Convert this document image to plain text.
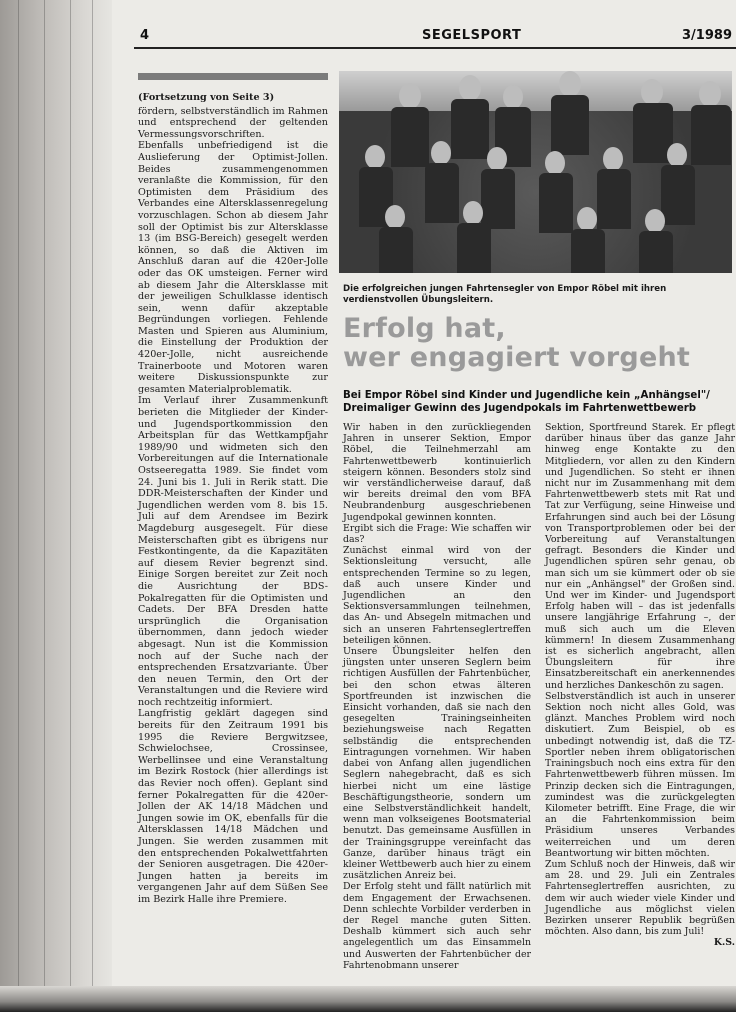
4	SEGELSPORT	3/1989

(Fortsetzung von Seite 3)

fördern, selbstverständlich im Rahmen und entsprechend der geltenden Vermessungsvorschriften.

Ebenfalls unbefriedigend ist die Auslieferung der Optimist-Jollen. Beides zusammengenommen veranlaßte die Kommission, für den Optimisten dem Präsidium des Verbandes eine Altersklassenregelung vorzuschlagen. Schon ab diesem Jahr soll der Optimist bis zur Altersklasse 13 (im BSG-Bereich) gesegelt werden können, so daß die Aktiven im Anschluß daran auf die 420er-Jolle oder das OK umsteigen. Ferner wird ab diesem Jahr die Altersklasse mit der jeweiligen Schulklasse identisch sein, wenn dafür akzeptable Begründungen vorliegen. Fehlende Masten und Spieren aus Aluminium, die Einstellung der Produktion der 420er-Jolle, nicht ausreichende Trainerboote und Motoren waren weitere Diskussionspunkte zur gesamten Materialproblematik.

Im Verlauf ihrer Zusammenkunft berieten die Mitglieder der Kinder- und Jugendsportkommission den Arbeitsplan für das Wettkampfjahr 1989/90 und widmeten sich den Vorbereitungen auf die Internationale Ostseeregatta 1989. Sie findet vom 24. Juni bis 1. Juli in Rerik statt. Die DDR-Meisterschaften der Kinder und Jugendlichen werden vom 8. bis 15. Juli auf dem Arendsee im Bezirk Magdeburg ausgesegelt. Für diese Meisterschaften gibt es übrigens nur Festkontingente, da die Kapazitäten auf diesem Revier begrenzt sind. Einige Sorgen bereitet zur Zeit noch die Ausrichtung der BDS-Pokalregatten für die Optimisten und Cadets. Der BFA Dresden hatte ursprünglich die Organisation übernommen, dann jedoch wieder abgesagt. Nun ist die Kommission noch auf der Suche nach der entsprechenden Ersatzvariante. Über den neuen Termin, den Ort der Veranstaltungen und die Reviere wird noch rechtzeitig informiert.

Langfristig geklärt dagegen sind bereits für den Zeitraum 1991 bis 1995 die Reviere Bergwitzsee, Schwielochsee, Crossinsee, Werbellinsee und eine Veranstaltung im Bezirk Rostock (hier allerdings ist das Revier noch offen). Geplant sind ferner Pokalregatten für die 420er-Jollen der AK 14/18 Mädchen und Jungen sowie im OK, ebenfalls für die Altersklassen 14/18 Mädchen und Jungen. Sie werden zusammen mit den entsprechenden Pokalwettfahrten der Senioren ausgetragen. Die 420er-Jungen hatten ja bereits im vergangenen Jahr auf dem Süßen See im Bezirk Halle ihre Premiere.

Die erfolgreichen jungen Fahrtensegler von Empor Röbel mit ihren verdienstvollen Übungsleitern.
Erfolg hat,
wer engagiert vorgeht
Bei Empor Röbel sind Kinder und Jugendliche kein „Anhängsel"/ Dreimaliger Gewinn des Jugendpokals im Fahrtenwettbewerb

Wir haben in den zurückliegenden Jahren in unserer Sektion, Empor Röbel, die Teilnehmerzahl am Fahrtenwettbewerb kontinuierlich steigern können. Besonders stolz sind wir verständlicherweise darauf, daß wir bereits dreimal den vom BFA Neubrandenburg ausgeschriebenen Jugendpokal gewinnen konnten.

Ergibt sich die Frage: Wie schaffen wir das?

Zunächst einmal wird von der Sektionsleitung versucht, alle entsprechenden Termine so zu legen, daß auch unsere Kinder und Jugendlichen an den Sektionsversammlungen teilnehmen, das An- und Absegeln mitmachen und sich an unseren Fahrtenseglertreffen beteiligen können.

Unsere Übungsleiter helfen den jüngsten unter unseren Seglern beim richtigen Ausfüllen der Fahrtenbücher, bei den schon etwas älteren Sportfreunden ist inzwischen die Einsicht vorhanden, daß sie nach den gesegelten Trainingseinheiten beziehungsweise nach Regatten selbständig die entsprechenden Eintragungen vornehmen. Wir haben dabei von Anfang allen jugendlichen Seglern nahegebracht, daß es sich hierbei nicht um eine lästige Beschäftigungstheorie, sondern um eine Selbstverständlichkeit handelt, wenn man volkseigenes Bootsmaterial benutzt. Das gemeinsame Ausfüllen in der Trainingsgruppe vereinfacht das Ganze, darüber hinaus trägt ein kleiner Wettbewerb auch hier zu einem zusätzlichen Anreiz bei.

Der Erfolg steht und fällt natürlich mit dem Engagement der Erwachsenen. Denn schlechte Vorbilder verderben in der Regel manche guten Sitten. Deshalb kümmert sich auch sehr angelegentlich um das Einsammeln und Auswerten der Fahrtenbücher der Fahrtenobmann unserer

Sektion, Sportfreund Starek. Er pflegt darüber hinaus über das ganze Jahr hinweg enge Kontakte zu den Mitgliedern, vor allen zu den Kindern und Jugendlichen. So steht er ihnen nicht nur im Zusammenhang mit dem Fahrtenwettbewerb stets mit Rat und Tat zur Verfügung, seine Hinweise und Erfahrungen sind auch bei der Lösung von Transportproblemen oder bei der Vorbereitung auf Veranstaltungen gefragt. Besonders die Kinder und Jugendlichen spüren sehr genau, ob man sich um sie kümmert oder ob sie nur ein „Anhängsel" der Großen sind. Und wer im Kinder- und Jugendsport Erfolg haben will – das ist jedenfalls unsere langjährige Erfahrung –, der muß sich auch um die Eleven kümmern! In diesem Zusammenhang ist es sicherlich angebracht, allen Übungsleitern für ihre Einsatzbereitschaft ein anerkennendes und herzliches Dankeschön zu sagen.

Selbstverständlich ist auch in unserer Sektion noch nicht alles Gold, was glänzt. Manches Problem wird noch diskutiert. Zum Beispiel, ob es unbedingt notwendig ist, daß die TZ-Sportler neben ihrem obligatorischen Trainingsbuch noch eins extra für den Fahrtenwettbewerb führen müssen. Im Prinzip decken sich die Eintragungen, zumindest was die zurückgelegten Kilometer betrifft. Eine Frage, die wir an die Fahrtenkommission beim Präsidium unseres Verbandes weiterreichen und um deren Beantwortung wir bitten möchten.

Zum Schluß noch der Hinweis, daß wir am 28. und 29. Juli ein Zentrales Fahrtenseglertreffen ausrichten, zu dem wir auch wieder viele Kinder und Jugendliche aus möglichst vielen Bezirken unserer Republik begrüßen möchten. Also dann, bis zum Juli!

K.S.
